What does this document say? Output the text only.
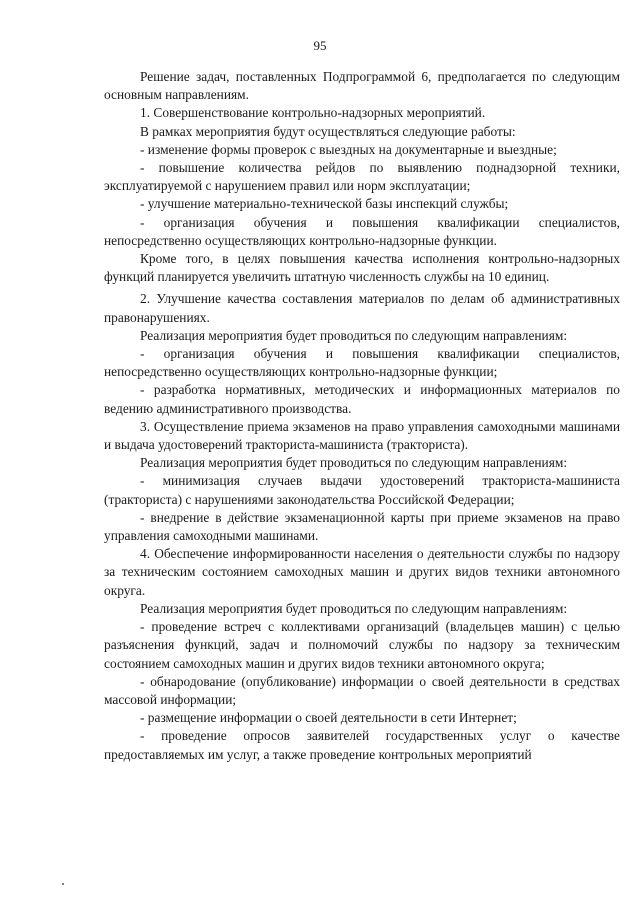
95

Решение задач, поставленных Подпрограммой 6, предполагается по следующим основным направлениям.

1. Совершенствование контрольно-надзорных мероприятий.

В рамках мероприятия будут осуществляться следующие работы:

- изменение формы проверок с выездных на документарные и выездные;

- повышение количества рейдов по выявлению поднадзорной техники, эксплуатируемой с нарушением правил или норм эксплуатации;

- улучшение материально-технической базы инспекций службы;

- организация обучения и повышения квалификации специалистов, непосредственно осуществляющих контрольно-надзорные функции.

Кроме того, в целях повышения качества исполнения контрольно-надзорных функций планируется увеличить штатную численность службы на 10 единиц.

2. Улучшение качества составления материалов по делам об административных правонарушениях.

Реализация мероприятия будет проводиться по следующим направлениям:

- организация обучения и повышения квалификации специалистов, непосредственно осуществляющих контрольно-надзорные функции;

- разработка нормативных, методических и информационных материалов по ведению административного производства.

3. Осуществление приема экзаменов на право управления самоходными машинами и выдача удостоверений тракториста-машиниста (тракториста).

Реализация мероприятия будет проводиться по следующим направлениям:

- минимизация случаев выдачи удостоверений тракториста-машиниста (тракториста) с нарушениями законодательства Российской Федерации;

- внедрение в действие экзаменационной карты при приеме экзаменов на право управления самоходными машинами.

4. Обеспечение информированности населения о деятельности службы по надзору за техническим состоянием самоходных машин и других видов техники автономного округа.

Реализация мероприятия будет проводиться по следующим направлениям:

- проведение встреч с коллективами организаций (владельцев машин) с целью разъяснения функций, задач и полномочий службы по надзору за техническим состоянием самоходных машин и других видов техники автономного округа;

- обнародование (опубликование) информации о своей деятельности в средствах массовой информации;

- размещение информации о своей деятельности в сети Интернет;

- проведение опросов заявителей государственных услуг о качестве предоставляемых им услуг, а также проведение контрольных мероприятий
